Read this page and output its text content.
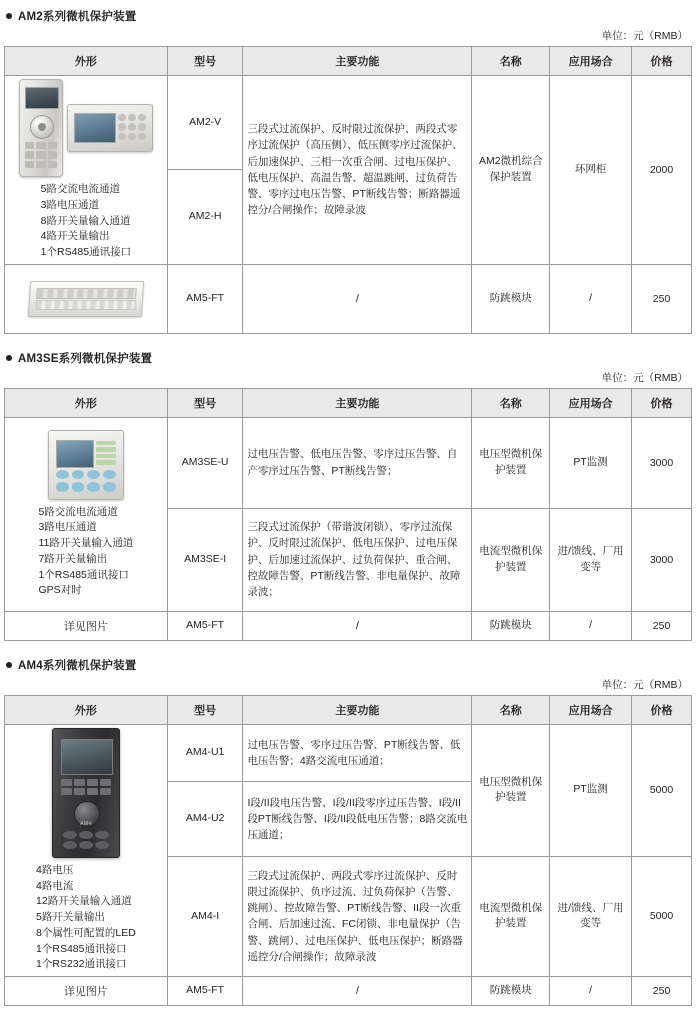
AM2系列微机保护装置
单位：元（RMB）
外形	型号	主要功能	名称	应用场合	价格

5路交流电流通道
3路电压通道
8路开关量输入通道
4路开关量输出
1个RS485通讯接口	AM2-V	三段式过流保护、反时限过流保护、两段式零序过流保护（高压侧）、低压侧零序过流保护、后加速保护、三相一次重合闸、过电压保护、低电压保护、高温告警、超温跳闸、过负荷告警、零序过电压告警、PT断线告警；断路器遥控分/合闸操作；故障录波	AM2微机综合保护装置	环网柜	2000
	AM2-H				

	AM5-FT	/	防跳模块	/	250
AM3SE系列微机保护装置
单位：元（RMB）
外形	型号	主要功能	名称	应用场合	价格

5路交流电流通道
3路电压通道
11路开关量输入通道
7路开关量输出
1个RS485通讯接口
GPS对时
	AM3SE-U	过电压告警、低电压告警、零序过压告警、自产零序过压告警、PT断线告警；	电压型微机保护装置	PT监测	3000
	AM3SE-I	三段式过流保护（带谐波闭锁）、零序过流保护、反时限过流保护、低电压保护、过电压保护、后加速过流保护、过负荷保护、重合闸、控故障告警、PT断线告警、非电量保护、故障录波；	电流型微机保护装置	进/馈线、厂用变等	3000
详见图片	AM5-FT	/	防跳模块	/	250
AM4系列微机保护装置
单位：元（RMB）
外形	型号	主要功能	名称	应用场合	价格

AM4
4路电压
4路电流
12路开关量输入通道
5路开关量输出
8个属性可配置的LED
1个RS485通讯接口
1个RS232通讯接口
	AM4-U1	过电压告警、零序过压告警、PT断线告警、低电压告警；4路交流电压通道；	电压型微机保护装置	PT监测	5000
	AM4-U2	I段/II段电压告警、I段/II段零序过压告警、I段/II段PT断线告警、I段/II段低电压告警；8路交流电压通道；			
	AM4-I	三段式过流保护、两段式零序过流保护、反时限过流保护、负序过流、过负荷保护（告警、跳闸）、控故障告警、PT断线告警、II段一次重合闸、后加速过流、FC闭锁、非电量保护（告警、跳闸）、过电压保护、低电压保护；断路器遥控分/合闸操作；故障录波	电流型微机保护装置	进/馈线、厂用变等	5000
详见图片	AM5-FT	/	防跳模块	/	250
